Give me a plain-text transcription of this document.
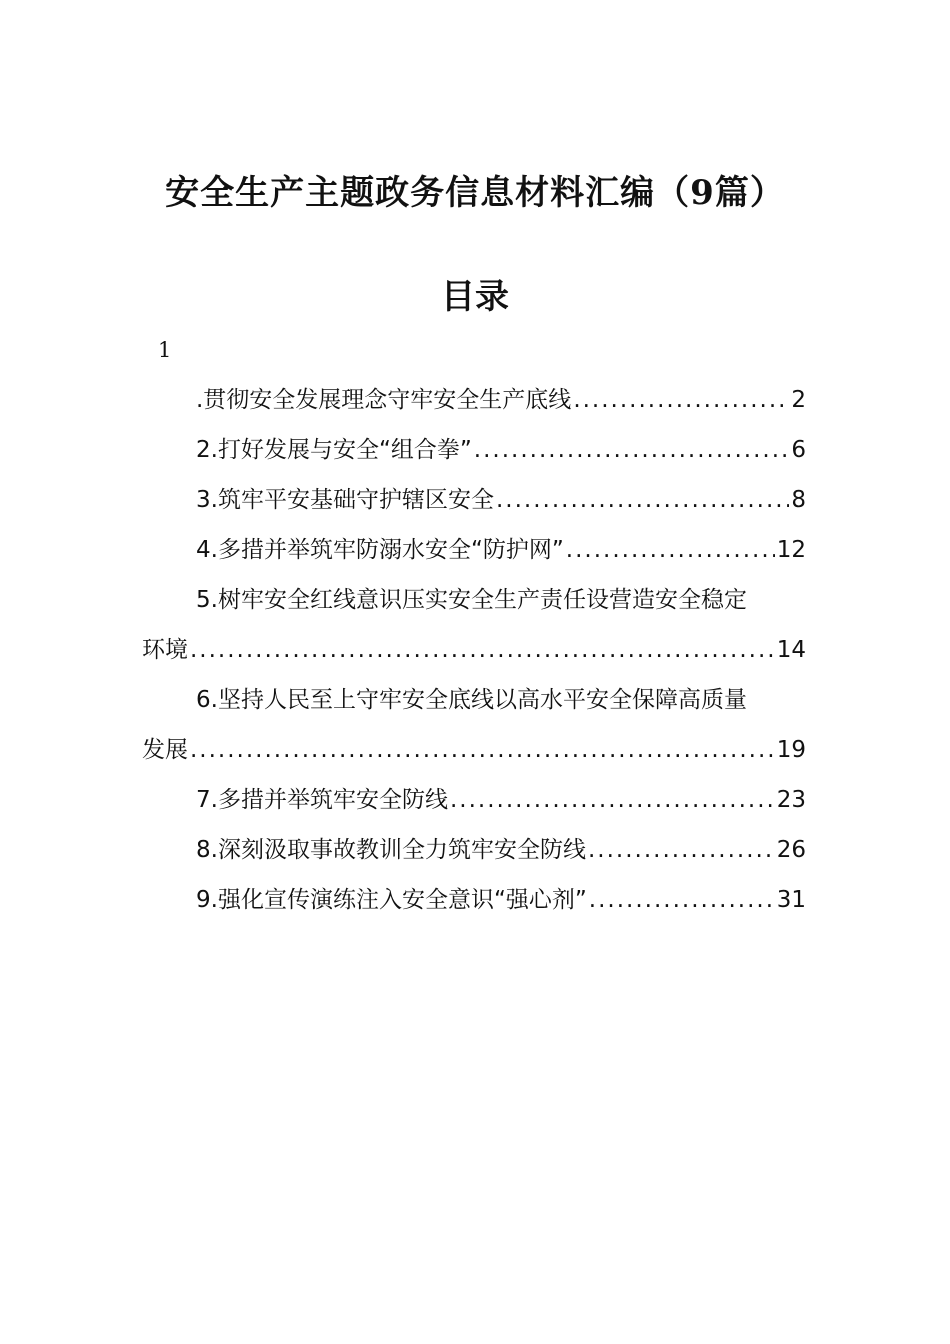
安全生产主题政务信息材料汇编（9篇）
目录
1
.贯彻安全发展理念守牢安全生产底线 .....	2
2.打好发展与安全“组合拳” .....	6
3.筑牢平安基础守护辖区安全 .....	8
4.多措并举筑牢防溺水安全“防护网” .....	12
5.树牢安全红线意识压实安全生产责任设营造安全稳定
环境 .....	14
6.坚持人民至上守牢安全底线以高水平安全保障高质量
发展 .....	19
7.多措并举筑牢安全防线 .....	23
8.深刻汲取事故教训全力筑牢安全防线 .....	26
9.强化宣传演练注入安全意识“强心剂” .....	31
